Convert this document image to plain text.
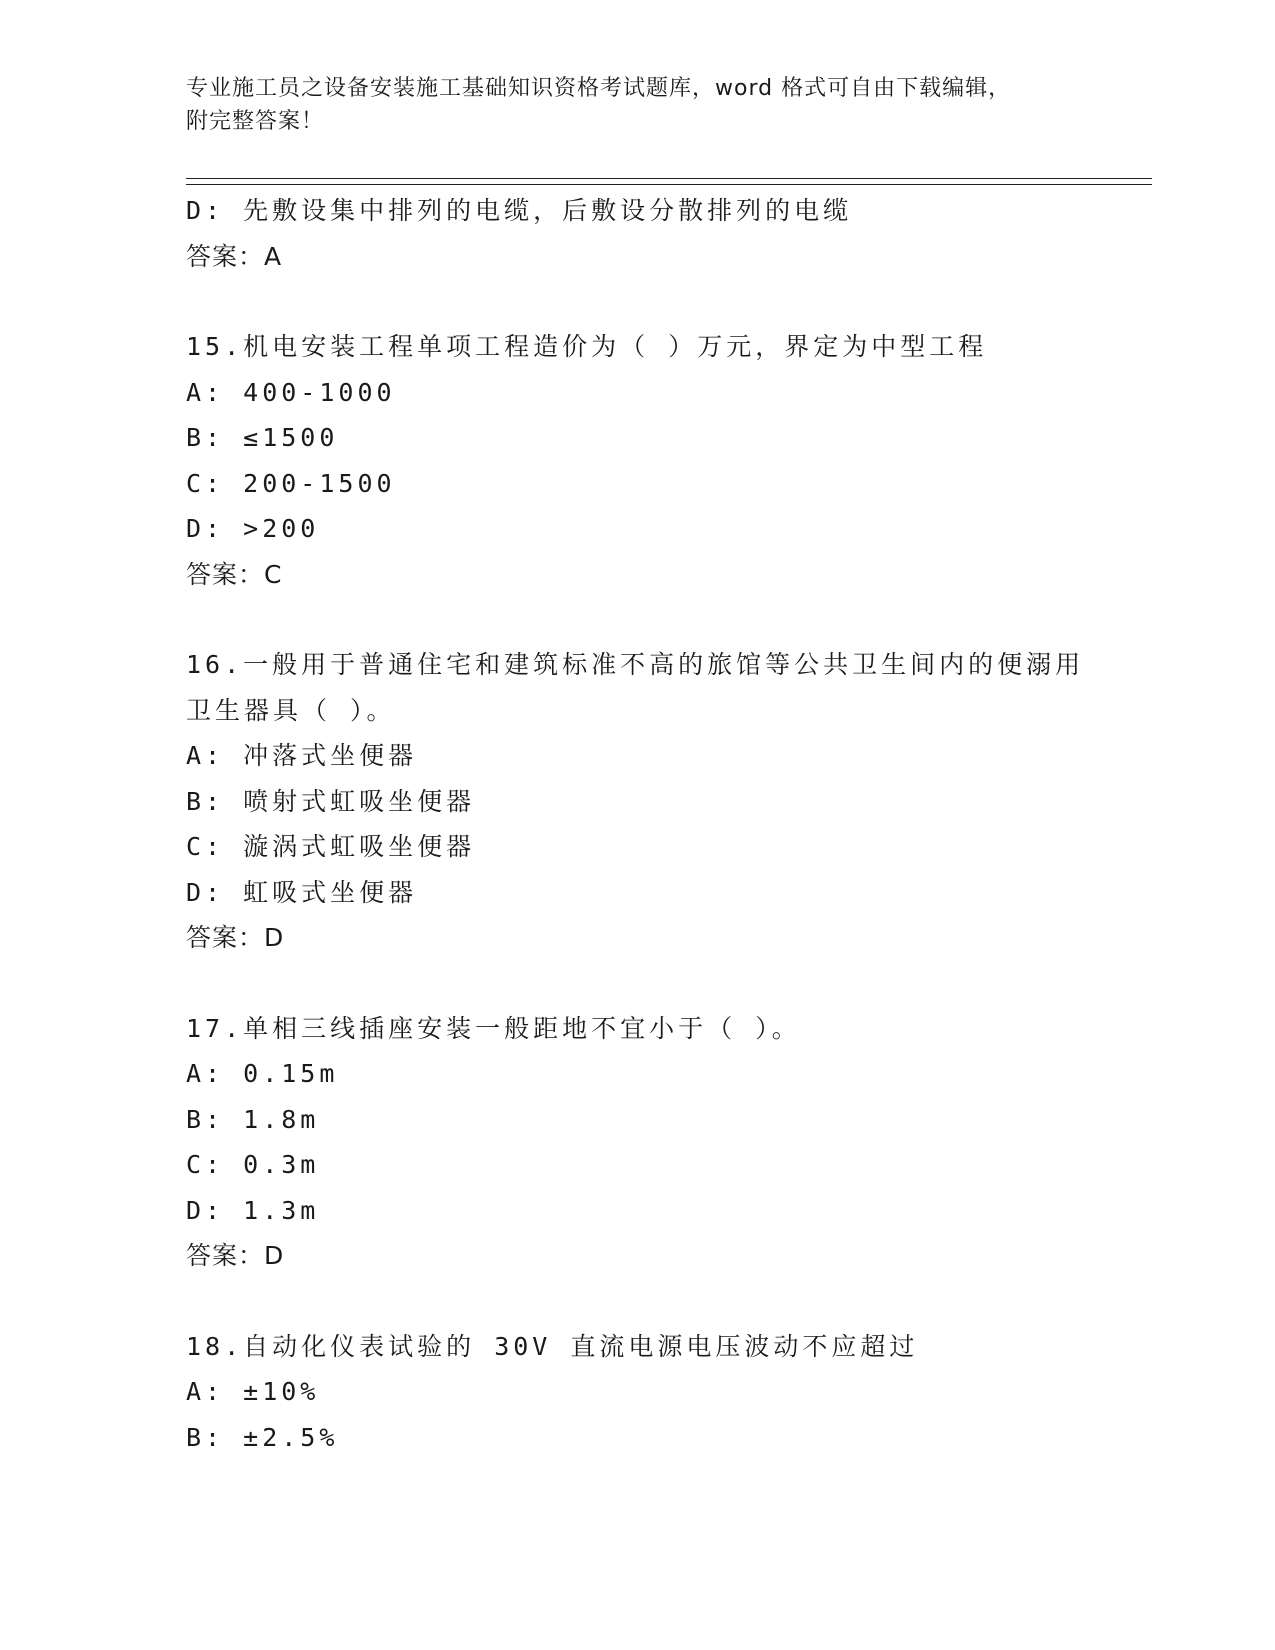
专业施工员之设备安装施工基础知识资格考试题库，word 格式可自由下载编辑，
附完整答案！
D: 先敷设集中排列的电缆，后敷设分散排列的电缆
答案：A
15.机电安装工程单项工程造价为（ ）万元，界定为中型工程
A: 400-1000
B: ≤1500
C: 200-1500
D: >200
答案：C
16.一般用于普通住宅和建筑标准不高的旅馆等公共卫生间内的便溺用
卫生器具（ ）。
A: 冲落式坐便器
B: 喷射式虹吸坐便器
C: 漩涡式虹吸坐便器
D: 虹吸式坐便器
答案：D
17.单相三线插座安装一般距地不宜小于（ ）。
A: 0.15m
B: 1.8m
C: 0.3m
D: 1.3m
答案：D
18.自动化仪表试验的 30V 直流电源电压波动不应超过
A: ±10%
B: ±2.5%
